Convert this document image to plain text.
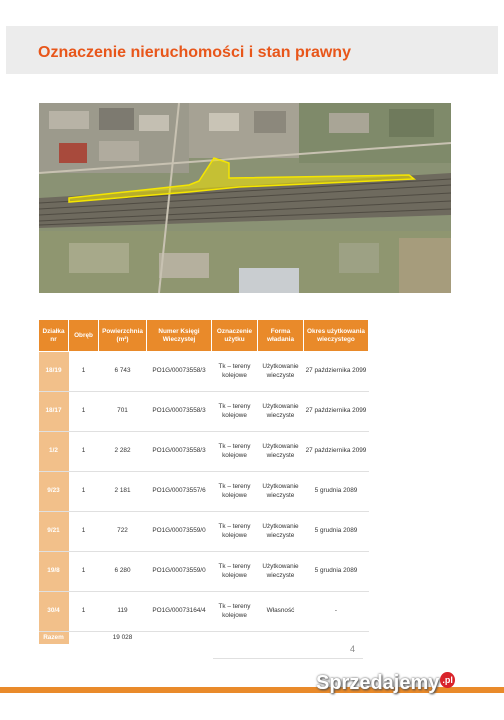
Oznaczenie nieruchomości i stan prawny
Działka nr	Obręb	Powierzchnia (m²)	Numer Księgi Wieczystej	Oznaczenie użytku	Forma władania	Okres użytkowania wieczystego
18/19	1	6 743	PO1G/00073558/3	Tk – tereny kolejowe	Użytkowanie wieczyste	27 października 2099
18/17	1	701	PO1G/00073558/3	Tk – tereny kolejowe	Użytkowanie wieczyste	27 października 2099
1/2	1	2 282	PO1G/00073558/3	Tk – tereny kolejowe	Użytkowanie wieczyste	27 października 2099
9/23	1	2 181	PO1G/00073557/6	Tk – tereny kolejowe	Użytkowanie wieczyste	5 grudnia 2089
9/21	1	722	PO1G/00073559/0	Tk – tereny kolejowe	Użytkowanie wieczyste	5 grudnia 2089
19/8	1	6 280	PO1G/00073559/0	Tk – tereny kolejowe	Użytkowanie wieczyste	5 grudnia 2089
30/4	1	119	PO1G/00073164/4	Tk – tereny kolejowe	Własność	-
Razem		19 028				
4
Sprzedajemy .pl
